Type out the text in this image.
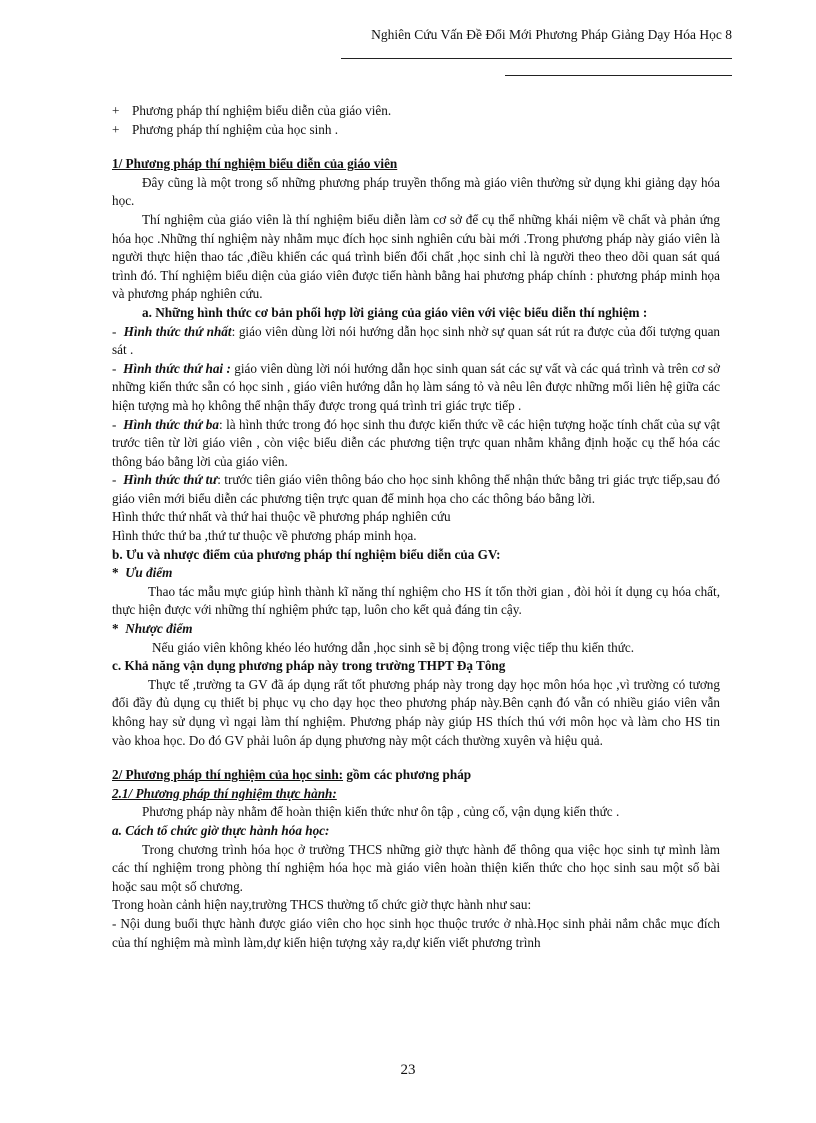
Nghiên Cứu Vấn Đề Đổi Mới Phương Pháp Giảng Dạy Hóa Học 8
+ Phương pháp thí nghiệm biểu diễn của giáo viên.
+ Phương pháp thí nghiệm của học sinh .

1/ Phương pháp thí nghiệm biểu diễn của giáo viên

Đây cũng là một trong số những phương pháp truyền thống mà giáo viên thường sử dụng khi giảng dạy hóa học.

Thí nghiệm của giáo viên là thí nghiệm biểu diễn làm cơ sở để cụ thể những khái niệm về chất và phản ứng hóa học .Những thí nghiệm này nhằm mục đích học sinh nghiên cứu bài mới .Trong phương pháp này giáo viên là người thực hiện thao tác ,điều khiển các quá trình biến đổi chất ,học sinh chỉ là người theo theo dõi quan sát quá trình đó. Thí nghiệm biểu diện của giáo viên được tiến hành bằng hai phương pháp chính : phương pháp minh họa và phương pháp nghiên cứu.

a. Những hình thức cơ bản phối hợp lời giảng của giáo viên với việc biểu diễn thí nghiệm :

- Hình thức thứ nhất: giáo viên dùng lời nói hướng dẫn học sinh nhờ sự quan sát rút ra được của đối tượng quan sát .

- Hình thức thứ hai : giáo viên dùng lời nói hướng dẫn học sinh quan sát các sự vất và các quá trình và trên cơ sở những kiến thức sẵn có học sinh , giáo viên hướng dẫn họ làm sáng tỏ và nêu lên được những mối liên hệ giữa các hiện tượng mà họ không thể nhận thấy được trong quá trình tri giác trực tiếp .

- Hình thức thứ ba: là hình thức trong đó học sinh thu được kiến thức về các hiện tượng hoặc tính chất của sự vật trước tiên từ lời giáo viên , còn việc biểu diễn các phương tiện trực quan nhằm khẳng định hoặc cụ thể hóa các thông báo bằng lời của giáo viên.

- Hình thức thứ tư: trước tiên giáo viên thông báo cho học sinh không thể nhận thức bằng tri giác trực tiếp,sau đó giáo viên mới biểu diễn các phương tiện trực quan để minh họa cho các thông báo bằng lời.

Hình thức thứ nhất và thứ hai thuộc về phương pháp nghiên cứu

Hình thức thứ ba ,thứ tư thuộc về phương pháp minh họa.

b. Ưu và nhược điểm của phương pháp thí nghiệm biểu diễn của GV:

* Ưu điểm

Thao tác mẫu mực giúp hình thành kĩ năng thí nghiệm cho HS ít tốn thời gian , đòi hỏi ít dụng cụ hóa chất, thực hiện được với những thí nghiệm phức tạp, luôn cho kết quả đáng tin cậy.

* Nhược điểm

Nếu giáo viên không khéo léo hướng dẫn ,học sinh sẽ bị động trong việc tiếp thu kiến thức.

c. Khả năng vận dụng phương pháp này trong trường THPT Đạ Tông

Thực tế ,trường ta GV đã áp dụng rất tốt phương pháp này trong dạy học môn hóa học ,vì trường có tương đối đầy đủ dụng cụ thiết bị phục vụ cho dạy học theo phương pháp này.Bên cạnh đó vẫn có nhiều giáo viên vẫn không hay sử dụng vì ngại làm thí nghiệm. Phương pháp này giúp HS thích thú với môn học và làm cho HS tin vào khoa học. Do đó GV phải luôn áp dụng phương này một cách thường xuyên và hiệu quả.

2/ Phương pháp thí nghiệm của học sinh: gồm các phương pháp

2.1/ Phương pháp thí nghiệm thực hành:

Phương pháp này nhằm để hoàn thiện kiến thức như ôn tập , củng cố, vận dụng kiến thức .

a. Cách tổ chức giờ thực hành hóa học:

Trong chương trình hóa học ở trường THCS những giờ thực hành để thông qua việc học sinh tự mình làm các thí nghiệm trong phòng thí nghiệm hóa học mà giáo viên hoàn thiện kiến thức cho học sinh sau một số bài hoặc sau một số chương.

Trong hoàn cảnh hiện nay,trường THCS thường tổ chức giờ thực hành như sau:

- Nội dung buổi thực hành được giáo viên cho học sinh học thuộc trước ở nhà.Học sinh phải nắm chắc mục đích của thí nghiệm mà mình làm,dự kiến hiện tượng xảy ra,dự kiến viết phương trình

23
